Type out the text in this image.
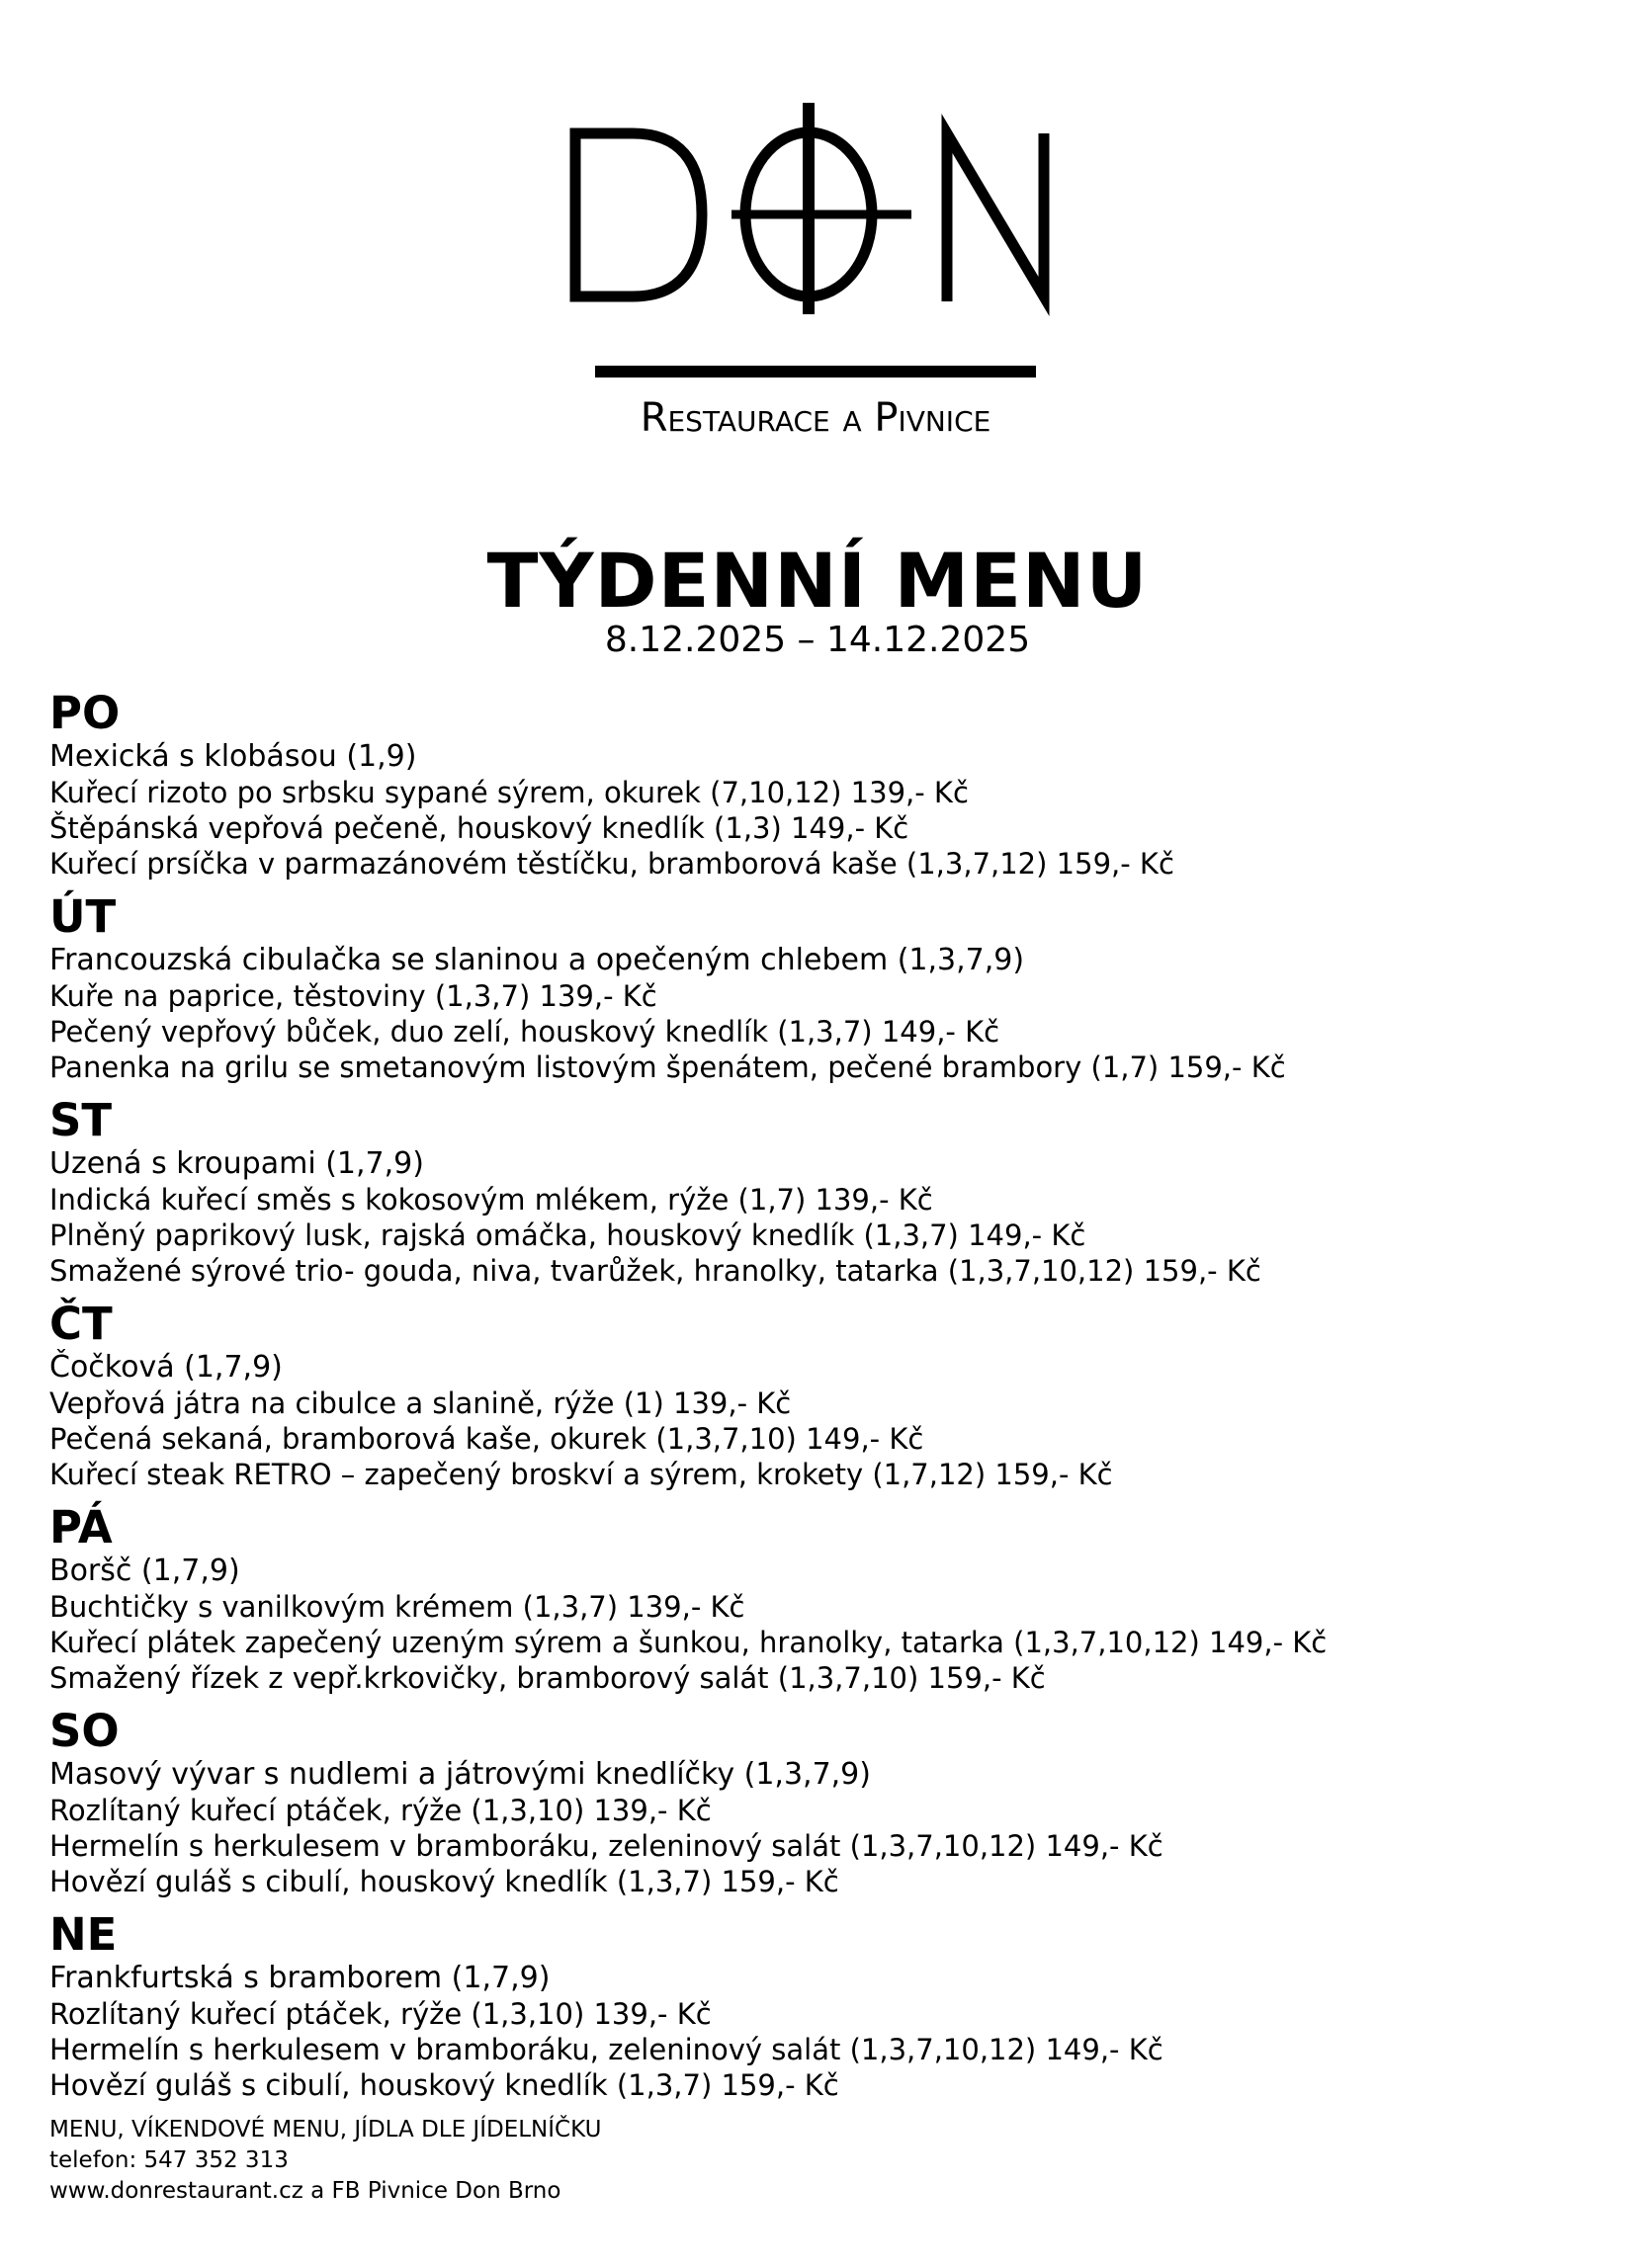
Restaurace a Pivnice
TÝDENNÍ MENU
8.12.2025 – 14.12.2025
PO
Mexická s klobásou (1,9)
Kuřecí rizoto po srbsku sypané sýrem, okurek (7,10,12) 139,- Kč
Štěpánská vepřová pečeně, houskový knedlík (1,3) 149,- Kč
Kuřecí prsíčka v parmazánovém těstíčku, bramborová kaše (1,3,7,12) 159,- Kč
ÚT
Francouzská cibulačka se slaninou a opečeným chlebem (1,3,7,9)
Kuře na paprice, těstoviny (1,3,7) 139,- Kč
Pečený vepřový bůček, duo zelí, houskový knedlík (1,3,7) 149,- Kč
Panenka na grilu se smetanovým listovým špenátem, pečené brambory (1,7) 159,- Kč
ST
Uzená s kroupami (1,7,9)
Indická kuřecí směs s kokosovým mlékem, rýže (1,7) 139,- Kč
Plněný paprikový lusk, rajská omáčka, houskový knedlík (1,3,7) 149,- Kč
Smažené sýrové trio- gouda, niva, tvarůžek, hranolky, tatarka (1,3,7,10,12) 159,- Kč
ČT
Čočková (1,7,9)
Vepřová játra na cibulce a slanině, rýže (1) 139,- Kč
Pečená sekaná, bramborová kaše, okurek (1,3,7,10) 149,- Kč
Kuřecí steak RETRO – zapečený broskví a sýrem, krokety (1,7,12) 159,- Kč
PÁ
Boršč (1,7,9)
Buchtičky s vanilkovým krémem (1,3,7) 139,- Kč
Kuřecí plátek zapečený uzeným sýrem a šunkou, hranolky, tatarka (1,3,7,10,12) 149,- Kč
Smažený řízek z vepř.krkovičky, bramborový salát (1,3,7,10) 159,- Kč
SO
Masový vývar s nudlemi a játrovými knedlíčky (1,3,7,9)
Rozlítaný kuřecí ptáček, rýže (1,3,10) 139,- Kč
Hermelín s herkulesem v bramboráku, zeleninový salát (1,3,7,10,12) 149,- Kč
Hovězí guláš s cibulí, houskový knedlík (1,3,7) 159,- Kč
NE
Frankfurtská s bramborem (1,7,9)
Rozlítaný kuřecí ptáček, rýže (1,3,10) 139,- Kč
Hermelín s herkulesem v bramboráku, zeleninový salát (1,3,7,10,12) 149,- Kč
Hovězí guláš s cibulí, houskový knedlík (1,3,7) 159,- Kč
MENU, VÍKENDOVÉ MENU, JÍDLA DLE JÍDELNÍČKU
telefon: 547 352 313
www.donrestaurant.cz a FB Pivnice Don Brno
